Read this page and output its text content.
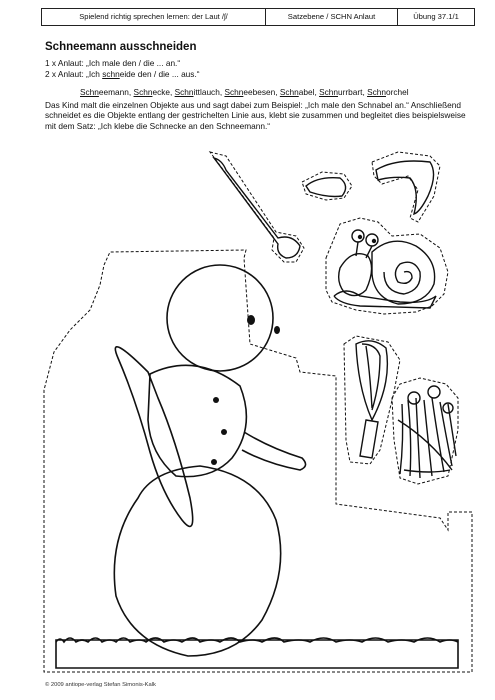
Spielend richtig sprechen lernen: der Laut /ʃ/	Satzebene / SCHN Anlaut	Übung 37.1/1
Schneemann ausschneiden
1 x Anlaut: „Ich male den / die ... an.“
2 x Anlaut: „Ich schneide den / die ... aus.“
Schneemann, Schnecke, Schnittlauch, Schneebesen, Schnabel, Schnurrbart, Schnorchel
Das Kind malt die einzelnen Objekte aus und sagt dabei zum Beispiel: „Ich male den Schnabel an.“ Anschließend schneidet es die Objekte entlang der gestrichelten Linie aus, klebt sie zusammen und begleitet dies beispielsweise mit dem Satz: „Ich klebe die Schnecke an den Schneemann.“
© 2009 antiope-verlag Stefan Simonis-Kalk
